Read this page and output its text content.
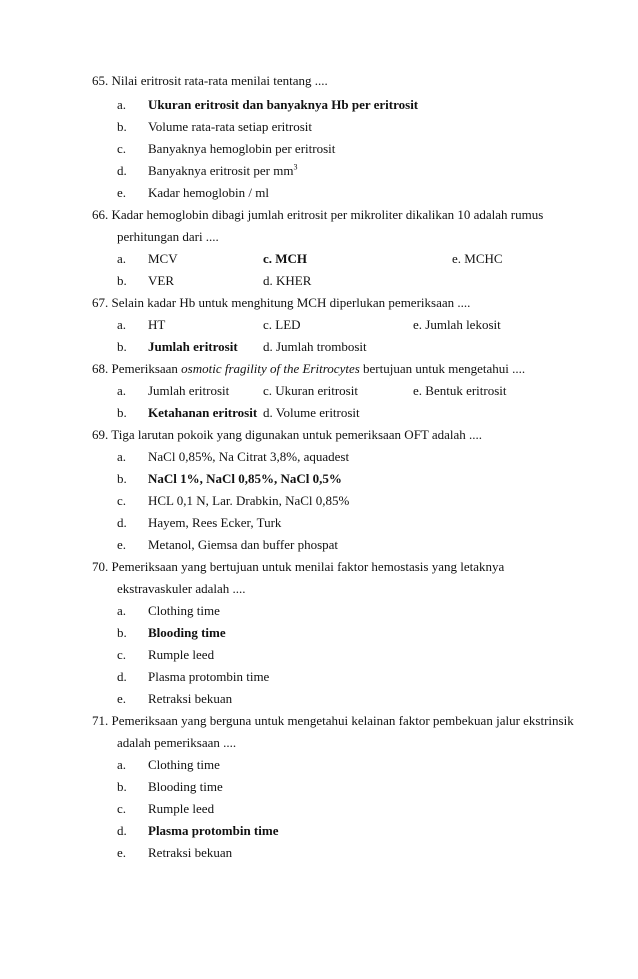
65. Nilai eritrosit rata-rata menilai tentang ....
a. Ukuran eritrosit dan banyaknya Hb per eritrosit
b. Volume rata-rata setiap eritrosit
c. Banyaknya hemoglobin per eritrosit
d. Banyaknya eritrosit per $mm^3$
e. Kadar hemoglobin / ml
66. Kadar hemoglobin dibagi jumlah eritrosit per mikroliter dikalikan 10 adalah rumus
perhitungan dari ....
a. MCV	c. MCH	e. MCHC
b. VER	d. KHER
67. Selain kadar Hb untuk menghitung MCH diperlukan pemeriksaan ....
a. HT	c. LED	e. Jumlah lekosit
b. Jumlah eritrosit d. Jumlah trombosit
68. Pemeriksaan osmotic fragility of the Eritrocytes bertujuan untuk mengetahui ....
a. Jumlah eritrosit	c. Ukuran eritrosit	e. Bentuk eritrosit
b. Ketahanan eritrosit d. Volume eritrosit
69. Tiga larutan pokoik yang digunakan untuk pemeriksaan OFT adalah ....
a. NaCl 0,85%, Na Citrat 3,8%, aquadest
b. NaCl 1%, NaCl 0,85%, NaCl 0,5%
c. HCL 0,1 N, Lar. Drabkin, NaCl 0,85%
d. Hayem, Rees Ecker, Turk
e. Metanol, Giemsa dan buffer phospat
70. Pemeriksaan yang bertujuan untuk menilai faktor hemostasis yang letaknya
ekstravaskuler adalah ....
a. Clothing time
b. Blooding time
c. Rumple leed
d. Plasma protombin time
e. Retraksi bekuan
71. Pemeriksaan yang berguna untuk mengetahui kelainan faktor pembekuan jalur ekstrinsik
adalah pemeriksaan ....
a. Clothing time
b. Blooding time
c. Rumple leed
d. Plasma protombin time
e. Retraksi bekuan
